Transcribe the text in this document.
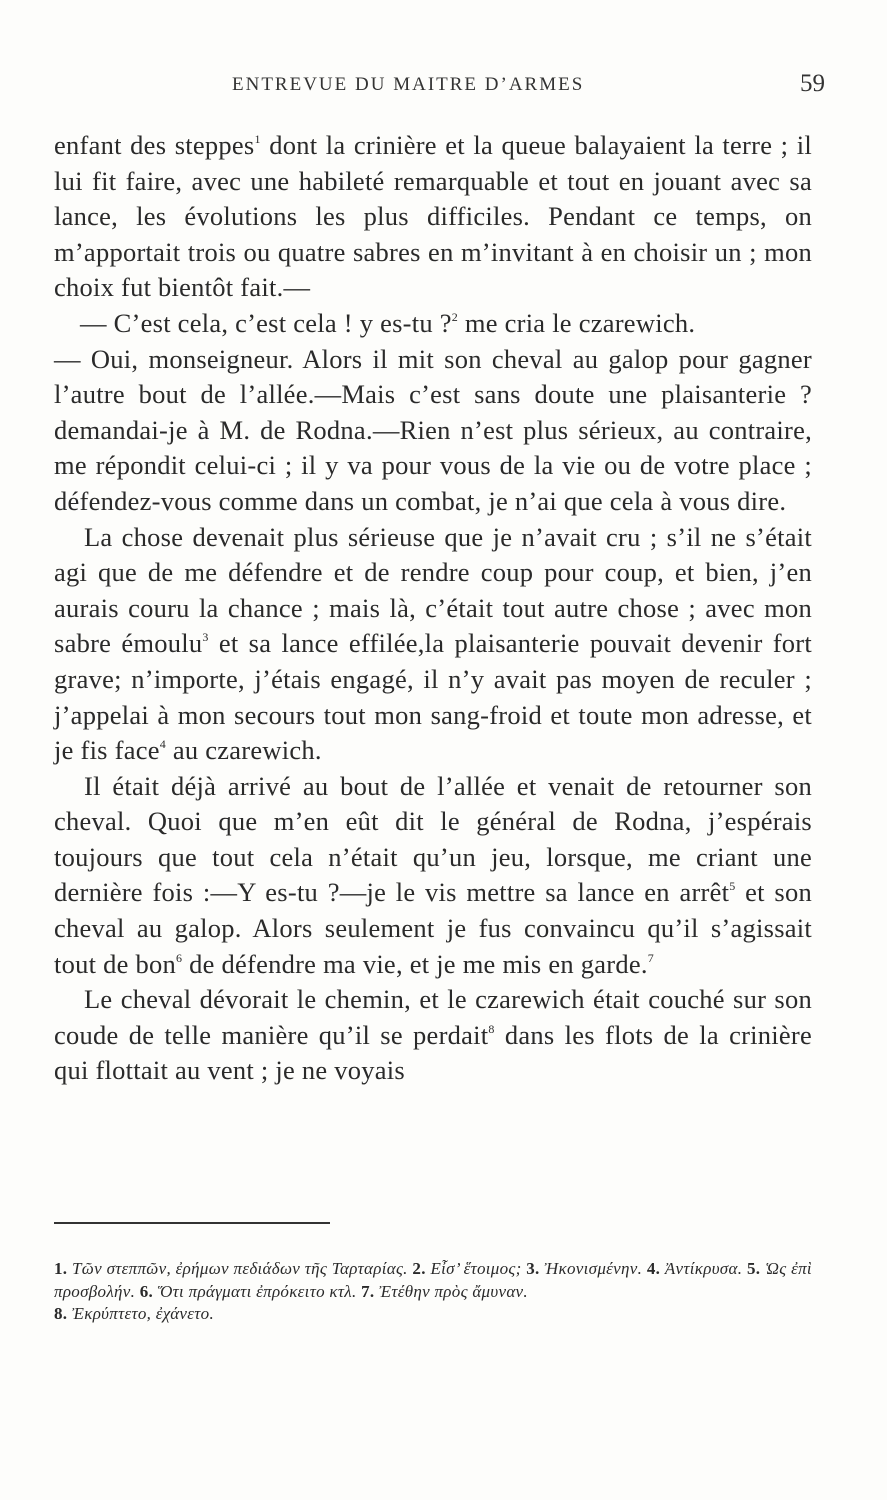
ENTREVUE DU MAITRE D’ARMES	59

enfant des steppes$^1$ dont la crinière et la queue balayaient la terre ; il lui fit faire, avec une habileté remarquable et tout en jouant avec sa lance, les évolutions les plus difficiles. Pendant ce temps, on m’apportait trois ou quatre sabres en m’invitant à en choisir un ; mon choix fut bientôt fait.—

— C’est cela, c’est cela ! y es-tu ?$^2$ me cria le czarewich.

— Oui, monseigneur. Alors il mit son cheval au galop pour gagner l’autre bout de l’allée.—Mais c’est sans doute une plaisanterie ? demandai-je à M. de Rodna.—Rien n’est plus sérieux, au contraire, me répondit celui-ci ; il y va pour vous de la vie ou de votre place ; défendez-vous comme dans un combat, je n’ai que cela à vous dire.

La chose devenait plus sérieuse que je n’avait cru ; s’il ne s’était agi que de me défendre et de rendre coup pour coup, et bien, j’en aurais couru la chance ; mais là, c’était tout autre chose ; avec mon sabre émoulu$^3$ et sa lance effilée,la plaisanterie pouvait devenir fort grave; n’importe, j’étais engagé, il n’y avait pas moyen de reculer ; j’appelai à mon secours tout mon sang-froid et toute mon adresse, et je fis face$^4$ au czarewich.

Il était déjà arrivé au bout de l’allée et venait de retourner son cheval. Quoi que m’en eût dit le général de Rodna, j’espérais toujours que tout cela n’était qu’un jeu, lorsque, me criant une dernière fois :—Y es-tu ?—je le vis mettre sa lance en arrêt$^5$ et son cheval au galop. Alors seulement je fus convaincu qu’il s’agissait tout de bon$^6$ de défendre ma vie, et je me mis en garde.$^7$

Le cheval dévorait le chemin, et le czarewich était couché sur son coude de telle manière qu’il se perdait$^8$ dans les flots de la crinière qui flottait au vent ; je ne voyais

1. Τῶν στεππῶν, ἐρήμων πεδιάδων τῆς Ταρταρίας. 2. Εἶσ’ ἕτοιμος; 3. Ἠκονισμένην. 4. Ἀντίκρυσα. 5. Ὡς ἐπὶ προσβολήν. 6. Ὅτι πράγματι ἐπρόκειτο κτλ. 7. Ἐτέθην πρὸς ἄμυναν.
8. Ἐκρύπτετο, ἐχάνετο.
